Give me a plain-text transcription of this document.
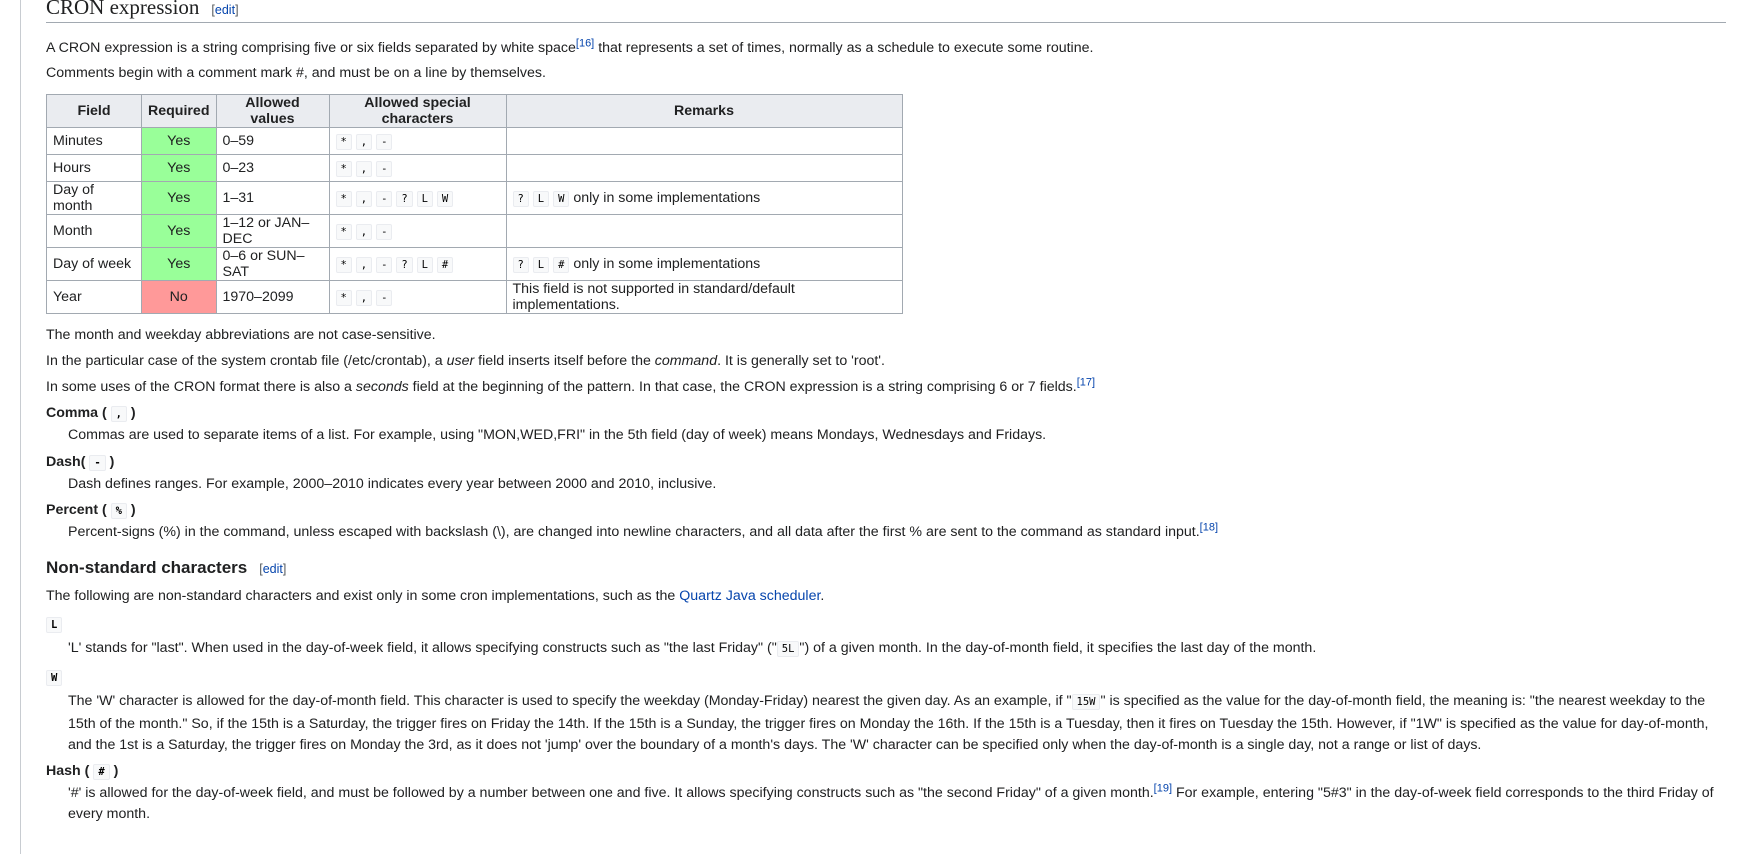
CRON expression [edit]

A CRON expression is a string comprising five or six fields separated by white space[16] that represents a set of times, normally as a schedule to execute some routine.

Comments begin with a comment mark #, and must be on a line by themselves.

Field	Required	Allowed values	Allowed special characters	Remarks
Minutes	Yes	0–59	* , -	
Hours	Yes	0–23	* , -	
Day of month	Yes	1–31	* , - ? L W	? L W only in some implementations
Month	Yes	1–12 or JAN–DEC	* , -	
Day of week	Yes	0–6 or SUN–SAT	* , - ? L #	? L # only in some implementations
Year	No	1970–2099	* , -	This field is not supported in standard/default implementations.

The month and weekday abbreviations are not case-sensitive.

In the particular case of the system crontab file (/etc/crontab), a user field inserts itself before the command. It is generally set to 'root'.

In some uses of the CRON format there is also a seconds field at the beginning of the pattern. In that case, the CRON expression is a string comprising 6 or 7 fields.[17]

Comma ( , )
Commas are used to separate items of a list. For example, using "MON,WED,FRI" in the 5th field (day of week) means Mondays, Wednesdays and Fridays.
Dash( - )
Dash defines ranges. For example, 2000–2010 indicates every year between 2000 and 2010, inclusive.
Percent ( % )
Percent-signs (%) in the command, unless escaped with backslash (\), are changed into newline characters, and all data after the first % are sent to the command as standard input.[18]
Non-standard characters [edit]

The following are non-standard characters and exist only in some cron implementations, such as the Quartz Java scheduler.

L
'L' stands for "last". When used in the day-of-week field, it allows specifying constructs such as "the last Friday" (" 5L ") of a given month. In the day-of-month field, it specifies the last day of the month.
W
The 'W' character is allowed for the day-of-month field. This character is used to specify the weekday (Monday-Friday) nearest the given day. As an example, if " 15W " is specified as the value for the day-of-month field, the meaning is: "the nearest weekday to the 15th of the month." So, if the 15th is a Saturday, the trigger fires on Friday the 14th. If the 15th is a Sunday, the trigger fires on Monday the 16th. If the 15th is a Tuesday, then it fires on Tuesday the 15th. However, if "1W" is specified as the value for day-of-month, and the 1st is a Saturday, the trigger fires on Monday the 3rd, as it does not 'jump' over the boundary of a month's days. The 'W' character can be specified only when the day-of-month is a single day, not a range or list of days.
Hash ( # )
'#' is allowed for the day-of-week field, and must be followed by a number between one and five. It allows specifying constructs such as "the second Friday" of a given month.[19] For example, entering "5#3" in the day-of-week field corresponds to the third Friday of every month.
